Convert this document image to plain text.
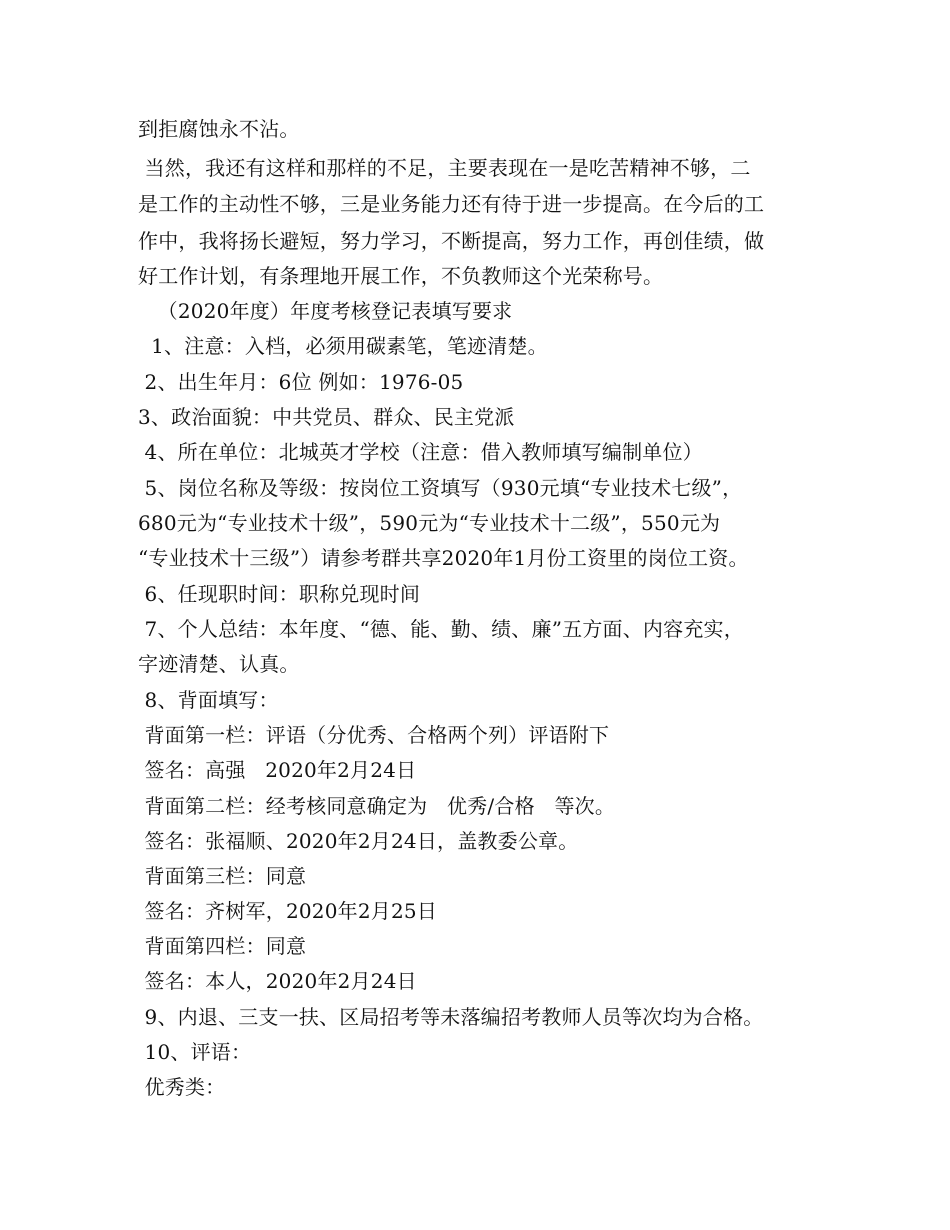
到拒腐蚀永不沾。
当然，我还有这样和那样的不足，主要表现在一是吃苦精神不够，二
是工作的主动性不够，三是业务能力还有待于进一步提高。在今后的工
作中，我将扬长避短，努力学习，不断提高，努力工作，再创佳绩，做
好工作计划，有条理地开展工作，不负教师这个光荣称号。
（2020年度）年度考核登记表填写要求
1、注意：入档，必须用碳素笔，笔迹清楚。
2、出生年月：6位 例如：1976-05
3、政治面貌：中共党员、群众、民主党派
4、所在单位：北城英才学校（注意：借入教师填写编制单位）
5、岗位名称及等级：按岗位工资填写（930元填“专业技术七级”，
680元为“专业技术十级”，590元为“专业技术十二级”，550元为
“专业技术十三级”）请参考群共享2020年1月份工资里的岗位工资。
6、任现职时间：职称兑现时间
7、个人总结：本年度、“德、能、勤、绩、廉”五方面、内容充实，
字迹清楚、认真。
8、背面填写：
背面第一栏：评语（分优秀、合格两个列）评语附下
签名：高强   2020年2月24日
背面第二栏：经考核同意确定为   优秀/合格   等次。
签名：张福顺、2020年2月24日，盖教委公章。
背面第三栏：同意
签名：齐树军，2020年2月25日
背面第四栏：同意
签名：本人，2020年2月24日
9、内退、三支一扶、区局招考等未落编招考教师人员等次均为合格。
10、评语：
优秀类：
